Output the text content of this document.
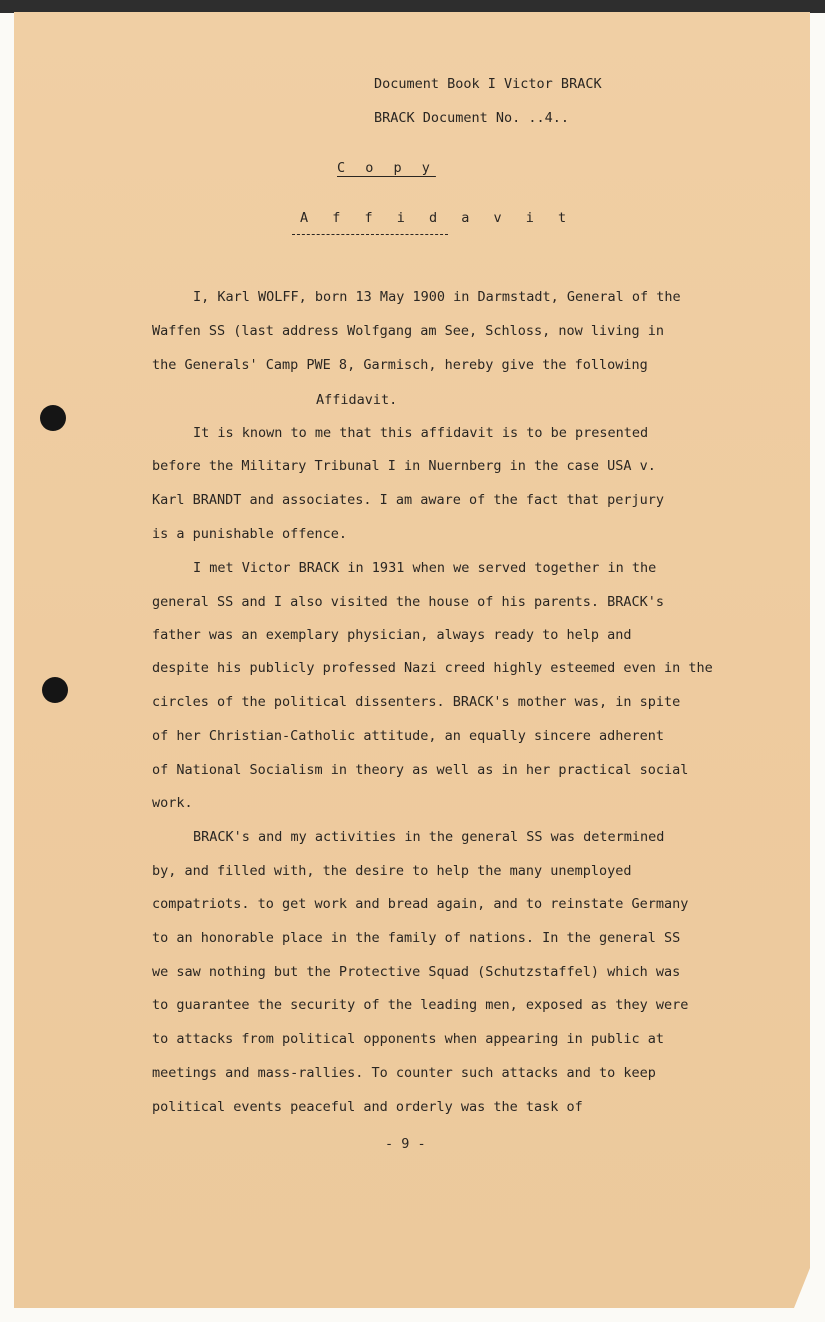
Document Book I Victor BRACK
BRACK Document No. ..4..
C o p y
A f f i d a v i t
I, Karl WOLFF, born 13 May 1900 in Darmstadt, General of the
Waffen SS (last address Wolfgang am See, Schloss, now living in
the Generals' Camp PWE 8, Garmisch, hereby give the following
Affidavit.
It is known to me that this affidavit is to be presented
before the Military Tribunal I in Nuernberg in the case USA v.
Karl BRANDT and associates. I am aware of the fact that perjury
is a punishable offence.
I met Victor BRACK in 1931 when we served together in the
general SS and I also visited the house of his parents. BRACK's
father was an exemplary physician, always ready to help and
despite his publicly professed Nazi creed highly esteemed even in the
circles of the political dissenters. BRACK's mother was, in spite
of her Christian-Catholic attitude, an equally sincere adherent
of National Socialism in theory as well as in her practical social
work.
BRACK's and my activities in the general SS was determined
by, and filled with, the desire to help the many unemployed
compatriots. to get work and bread again, and to reinstate Germany
to an honorable place in the family of nations. In the general SS
we saw nothing but the Protective Squad (Schutzstaffel) which was
to guarantee the security of the leading men, exposed as they were
to attacks from political opponents when appearing in public at
meetings and mass-rallies. To counter such attacks and to keep
political events peaceful and orderly was the task of
- 9 -
